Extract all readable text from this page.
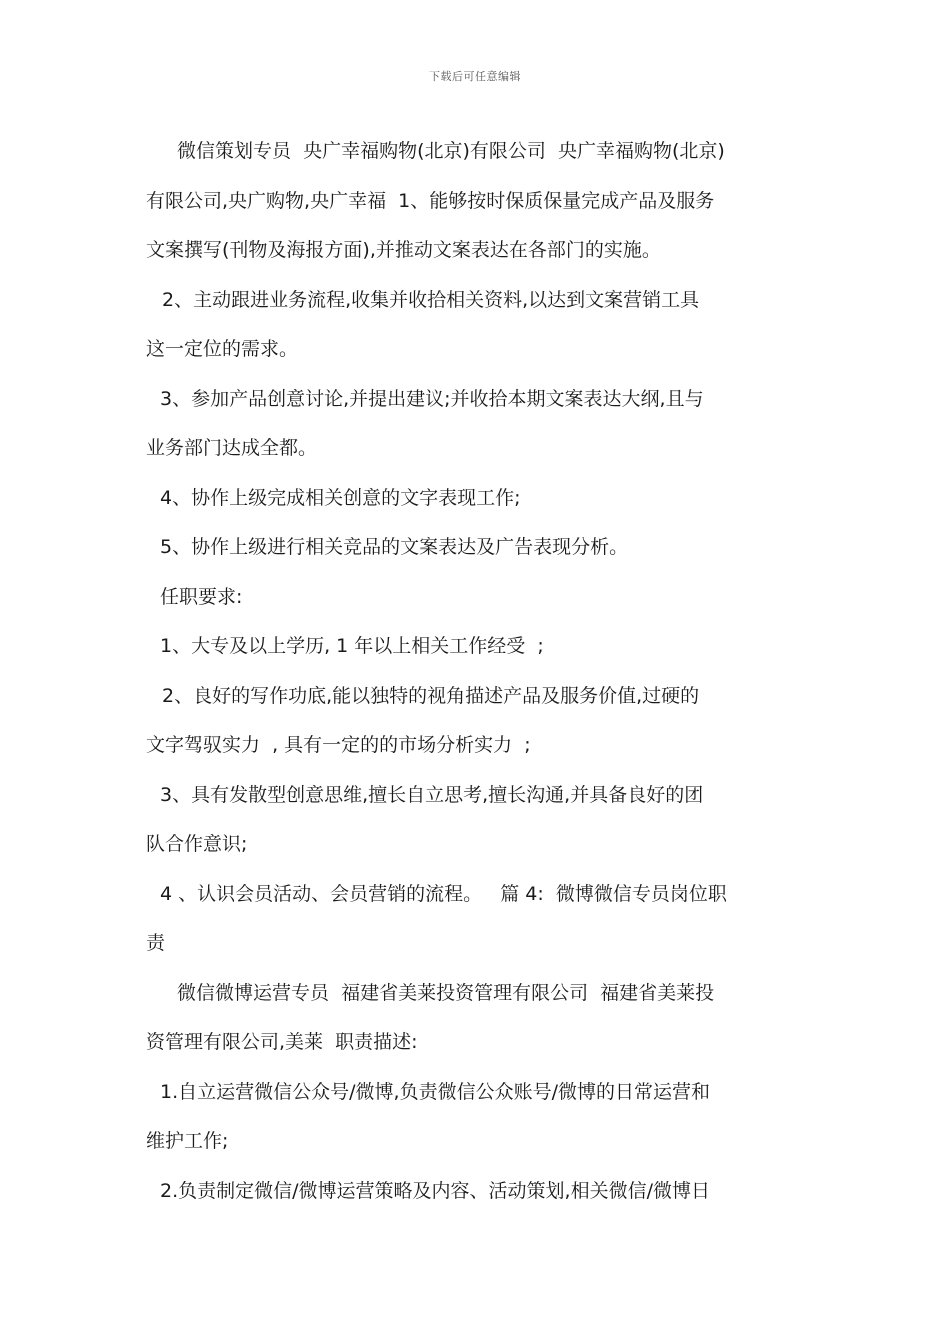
下载后可任意编辑
微信策划专员  央广幸福购物(北京)有限公司  央广幸福购物(北京)
有限公司,央广购物,央广幸福  1、能够按时保质保量完成产品及服务
文案撰写(刊物及海报方面),并推动文案表达在各部门的实施。
2、主动跟进业务流程,收集并收拾相关资料,以达到文案营销工具
这一定位的需求。
3、参加产品创意讨论,并提出建议;并收拾本期文案表达大纲,且与
业务部门达成全都。
4、协作上级完成相关创意的文字表现工作;
5、协作上级进行相关竞品的文案表达及广告表现分析。
任职要求:
1、大专及以上学历, 1 年以上相关工作经受  ;
2、良好的写作功底,能以独特的视角描述产品及服务价值,过硬的
文字驾驭实力  , 具有一定的的市场分析实力  ;
3、具有发散型创意思维,擅长自立思考,擅长沟通,并具备良好的团
队合作意识;
4 、认识会员活动、会员营销的流程。   篇 4:  微博微信专员岗位职
责
微信微博运营专员  福建省美莱投资管理有限公司  福建省美莱投
资管理有限公司,美莱  职责描述:
1.自立运营微信公众号/微博,负责微信公众账号/微博的日常运营和
维护工作;
2.负责制定微信/微博运营策略及内容、活动策划,相关微信/微博日
